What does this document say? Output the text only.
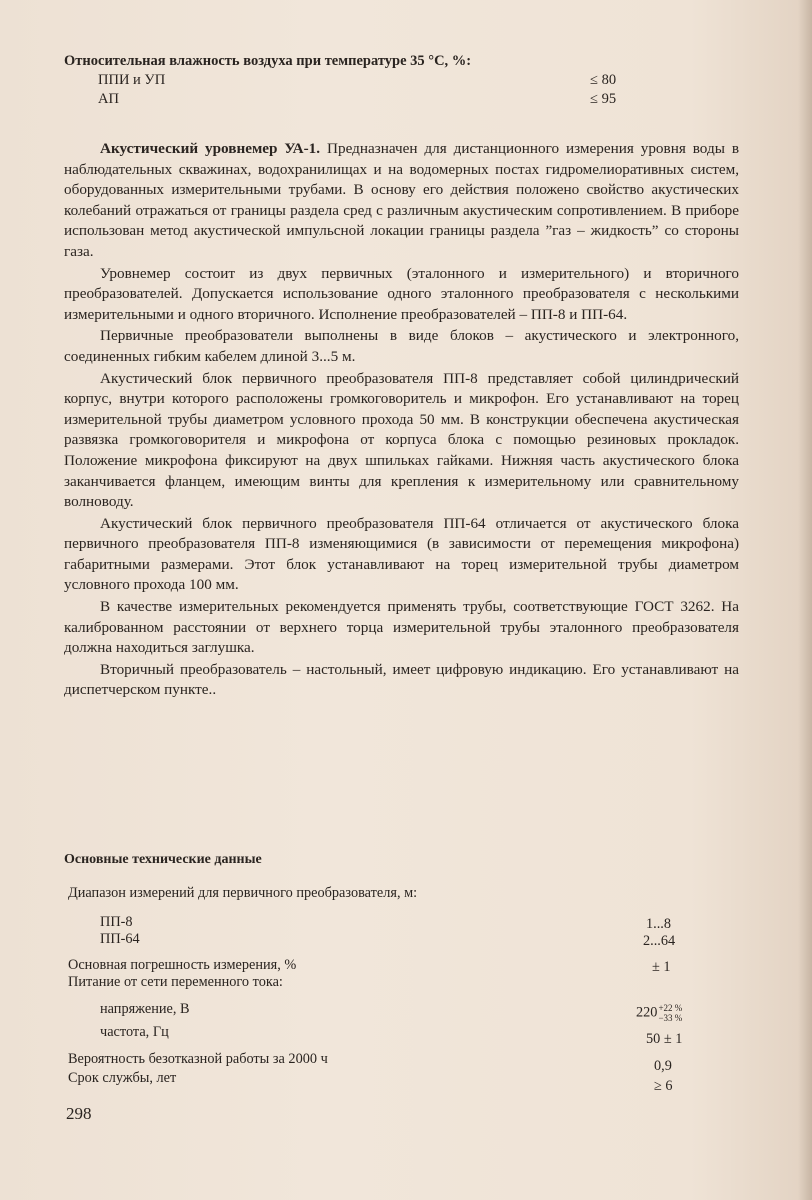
Относительная влажность воздуха при температуре 35 °C, %:
ППИ и УП	≤ 80
АП	≤ 95

Акустический уровнемер УА-1. Предназначен для дистанционного измерения уровня воды в наблюдательных скважинах, водохранилищах и на водомерных постах гидромелиоративных систем, оборудованных измерительными трубами. В основу его действия положено свойство акустических колебаний отражаться от границы раздела сред с различным акустическим сопротивлением. В приборе использован метод акустической импульсной локации границы раздела ”газ – жидкость” со стороны газа.

Уровнемер состоит из двух первичных (эталонного и измерительного) и вторичного преобразователей. Допускается использование одного эталонного преобразователя с несколькими измерительными и одного вторичного. Исполнение преобразователей – ПП-8 и ПП-64.

Первичные преобразователи выполнены в виде блоков – акустического и электронного, соединенных гибким кабелем длиной 3...5 м.

Акустический блок первичного преобразователя ПП-8 представляет собой цилиндрический корпус, внутри которого расположены громкоговоритель и микрофон. Его устанавливают на торец измерительной трубы диаметром условного прохода 50 мм. В конструкции обеспечена акустическая развязка громкоговорителя и микрофона от корпуса блока с помощью резиновых прокладок. Положение микрофона фиксируют на двух шпильках гайками. Нижняя часть акустического блока заканчивается фланцем, имеющим винты для крепления к измерительному или сравнительному волноводу.

Акустический блок первичного преобразователя ПП-64 отличается от акустического блока первичного преобразователя ПП-8 изменяющимися (в зависимости от перемещения микрофона) габаритными размерами. Этот блок устанавливают на торец измерительной трубы диаметром условного прохода 100 мм.

В качестве измерительных рекомендуется применять трубы, соответствующие ГОСТ 3262. На калиброванном расстоянии от верхнего торца измерительной трубы эталонного преобразователя должна находиться заглушка.

Вторичный преобразователь – настольный, имеет цифровую индикацию. Его устанавливают на диспетчерском пункте..

Основные технические данные
Диапазон измерений для первичного преобразователя, м:
ПП-8	1...8
ПП-64	2...64
Основная погрешность измерения, %	± 1
Питание от сети переменного тока:
напряжение, В	220 +22 %
−33 %
частота, Гц	50 ± 1
Вероятность безотказной работы за 2000 ч	0,9
Срок службы, лет	≥ 6
298
